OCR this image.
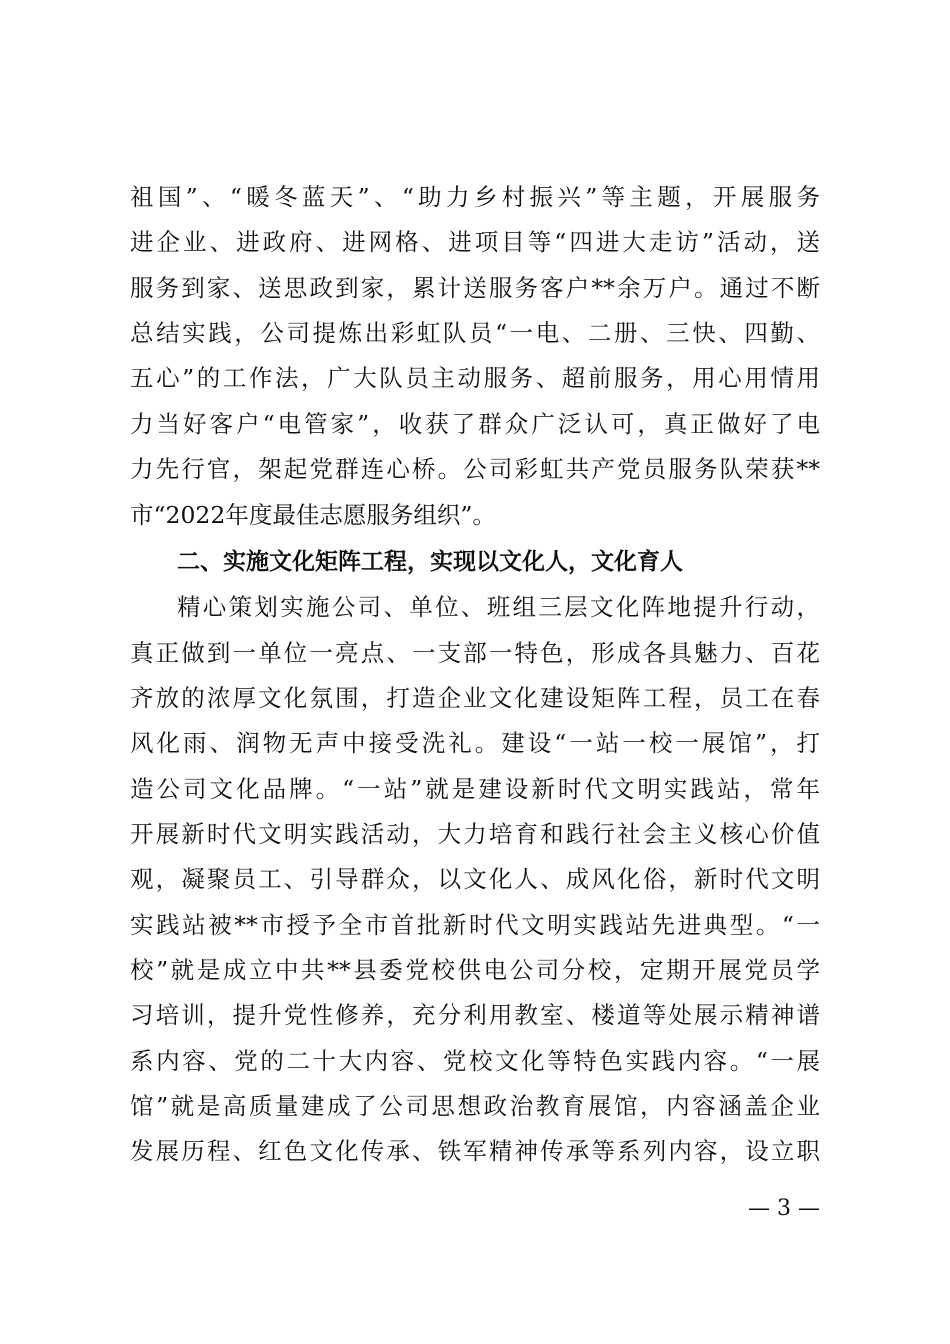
祖国”、“暖冬蓝天”、“助力乡村振兴”等主题，开展服务
进企业、进政府、进网格、进项目等“四进大走访”活动，送
服务到家、送思政到家，累计送服务客户**余万户。通过不断
总结实践，公司提炼出彩虹队员“一电、二册、三快、四勤、
五心”的工作法，广大队员主动服务、超前服务，用心用情用
力当好客户“电管家”，收获了群众广泛认可，真正做好了电
力先行官，架起党群连心桥。公司彩虹共产党员服务队荣获**
市“2022年度最佳志愿服务组织”。
二、实施文化矩阵工程，实现以文化人，文化育人
精心策划实施公司、单位、班组三层文化阵地提升行动，
真正做到一单位一亮点、一支部一特色，形成各具魅力、百花
齐放的浓厚文化氛围，打造企业文化建设矩阵工程，员工在春
风化雨、润物无声中接受洗礼。建设“一站一校一展馆”，打
造公司文化品牌。“一站”就是建设新时代文明实践站，常年
开展新时代文明实践活动，大力培育和践行社会主义核心价值
观，凝聚员工、引导群众，以文化人、成风化俗，新时代文明
实践站被**市授予全市首批新时代文明实践站先进典型。“一
校”就是成立中共**县委党校供电公司分校，定期开展党员学
习培训，提升党性修养，充分利用教室、楼道等处展示精神谱
系内容、党的二十大内容、党校文化等特色实践内容。“一展
馆”就是高质量建成了公司思想政治教育展馆，内容涵盖企业
发展历程、红色文化传承、铁军精神传承等系列内容，设立职
— 3 —
